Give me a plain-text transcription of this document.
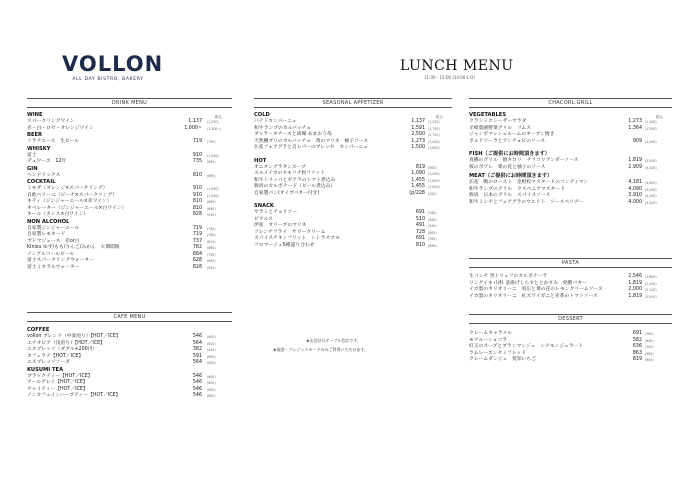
VOLLON
ALL DAY BISTRO, BAKERY
LUNCH MENU
11:00 - 15:00 (14:00 L.O)
DRINK MENU
税込
WINE
スパークリングワイン	1,137 (1,250)
赤・白・ロゼ・オレンジワイン	1,000~ (1,100~)
BEER
ソラチエース　生ビール	719 (790)
WHISKY
富士	910 (1,000)
デュワーズ　12年	735 (830)
GIN
ヘンドリックス	810 (890)
COCKTAIL
ミモザ（オレンジ×スパークリング）	910 (1,000)
自他ベリーニ（ピーチ×スパークリング）	910 (1,000)
キティ（ジンジャーエール×赤ワイン）	810 (890)
オペレーター（ジンジャーエール×白ワイン）	810 (890)
キール（カシス×白ワイン）	828 (910)
NON ALCOHOL
自家製ジンジャーエール	719 (790)
自家製レモネード	719 (790)
ブドウジュース　赤or白	737 (810)
Kinisu ゆず/もも/りんご/みかん　＊期間限	782 (860)
ノンアルコールビール	664 (730)
富士スパークリングウォーター	628 (690)
富士ミネラルウォーター	828 (910)
CAFE MENU
COFFEE
vollon ブレンド（中深煎り）【HOT／ICE】	546 (600)
エチオピア（浅煎り）【HOT／ICE】	564 (620)
エスプレッソ（ダブル+200円）	382 (420)
カフェラテ【HOT／ICE】	591 (650)
エスプレッソソーダ	564 (620)
KUSUMI TEA
ブラックティー【HOT／ICE】	546 (600)
アールグレイ【HOT／ICE】	546 (600)
チャイティー【HOT／ICE】	546 (600)
ノンカフェインハーブティー【HOT／ICE】	546 (600)
SEASONAL APPETIZER
税込
COLD
パテドカンパーニュ	1,137 (1,250)
和牛ランプのカルパッチョ	1,591 (1,750)
ブッラータチーズと胡瑚 あまおう苺	2,500 (2,750)
天然鯛ブリのカルパッチョ　黄のマリネ　柚子ソース	1,273 (1,400)
仏産フォアグラと自レバーのブレッセ　カンパーニュ	1,500 (1,650)
HOT
オニオングラタンスープ	819 (900)
スルメイカのセモリナ粉フリット	1,090 (1,200)
和牛トリッパとギアラのトマト煮込み	1,455 (1,600)
豚肉のカルボナード（ビール煮込み）	1,455 (1,600)
自家製パン(オイブバター付き)	(p/228 (250)
SNACK
サラミとチョリソー	691 (760)
ピクルス	510 (560)
伊産　オリーブのマリネ	491 (540)
フレンチフライ　サワークリーム	728 (800)
スパイスチキンフリット　シトラスマヨ	691 (760)
フロマージュ5種盛り合わせ	810 (890)
★お会計はテーブル会計です。
★現金・クレジットカードのみご利用いただけます。
CHACORL GRILL
税込
VEGETABLES
クラシックシーザーサラダ	1,273 (1,400)
羊崎農園野菜グリル　フムス	1,364 (1,500)
ジャンボマッシュルームのオーブン焼き
ボルドソーラとアンチョビのソース	909 (1,000)
FISH（ご提供にお時間頂きます）
真鯛のグリル　焼キロリ　チリコリアンダーソース	1,819 (2,000)
桜のポワレ　菜の花と柚子のソース	2,909 (3,200)
MEAT（ご提供にお時間頂きます）
仏産　鴨のロースト　金柑粒マスタードのコンディマン	4,181 (4,600)
和牛ランプのグリル　クスペニアマスタード	4,090 (4,500)
豚肩　日本のグリル　スパイスソース	3,910 (4,300)
和牛ミンチとフォアグラのウエリト　ソースペリグー	4,000 (4,400)
PASTA
生パンチ 黒トリュフのカルボナーラ	2,546 (2,800)
リングイネ 山料 釜揚げしらすととかすみ　発酵バター	1,819 (2,000)
イカ墨のタリオリーニ　羽広と菜の花のレモンクリームソース	2,000 (2,200)
イカ墨のタリオリーニ　紅ズワイガニと赤茶のトマトソース	1,819 (2,000)
DESSERT
クレームキャラメル	691 (760)
モワルーショコラ	582 (640)
紅玉のスープとブランマンジェ　シナモンジェラート	636 (700)
ラムレーズンセミフレッド	863 (950)
クレームダンジュ　愛知いちご	819 (900)
